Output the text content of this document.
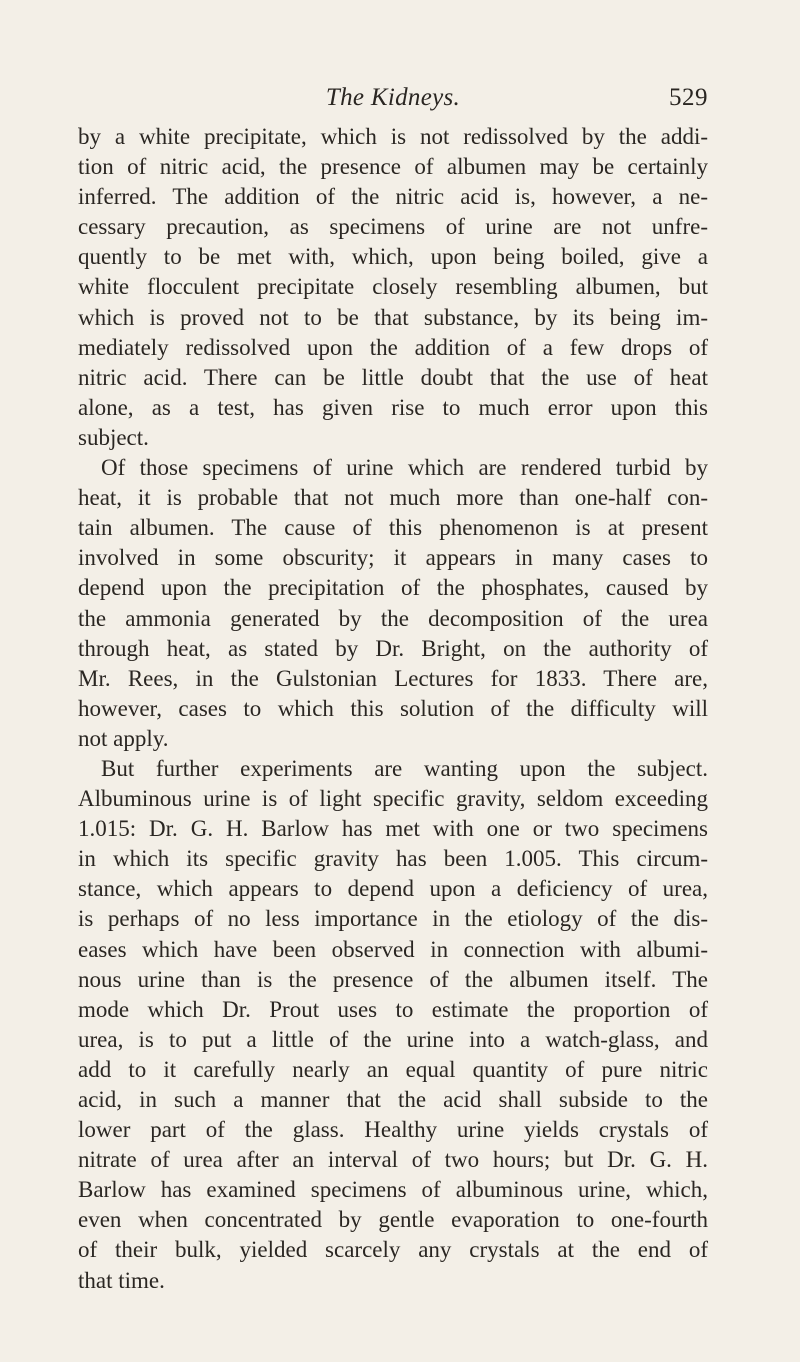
The Kidneys.	529
by a white precipitate, which is not redissolved by the addi-
tion of nitric acid, the presence of albumen may be certainly
inferred. The addition of the nitric acid is, however, a ne-
cessary precaution, as specimens of urine are not unfre-
quently to be met with, which, upon being boiled, give a
white flocculent precipitate closely resembling albumen, but
which is proved not to be that substance, by its being im-
mediately redissolved upon the addition of a few drops of
nitric acid. There can be little doubt that the use of heat
alone, as a test, has given rise to much error upon this
subject.
Of those specimens of urine which are rendered turbid by
heat, it is probable that not much more than one-half con-
tain albumen. The cause of this phenomenon is at present
involved in some obscurity; it appears in many cases to
depend upon the precipitation of the phosphates, caused by
the ammonia generated by the decomposition of the urea
through heat, as stated by Dr. Bright, on the authority of
Mr. Rees, in the Gulstonian Lectures for 1833. There are,
however, cases to which this solution of the difficulty will
not apply.
But further experiments are wanting upon the subject.
Albuminous urine is of light specific gravity, seldom exceeding
1.015: Dr. G. H. Barlow has met with one or two specimens
in which its specific gravity has been 1.005. This circum-
stance, which appears to depend upon a deficiency of urea,
is perhaps of no less importance in the etiology of the dis-
eases which have been observed in connection with albumi-
nous urine than is the presence of the albumen itself. The
mode which Dr. Prout uses to estimate the proportion of
urea, is to put a little of the urine into a watch-glass, and
add to it carefully nearly an equal quantity of pure nitric
acid, in such a manner that the acid shall subside to the
lower part of the glass. Healthy urine yields crystals of
nitrate of urea after an interval of two hours; but Dr. G. H.
Barlow has examined specimens of albuminous urine, which,
even when concentrated by gentle evaporation to one-fourth
of their bulk, yielded scarcely any crystals at the end of
that time.
